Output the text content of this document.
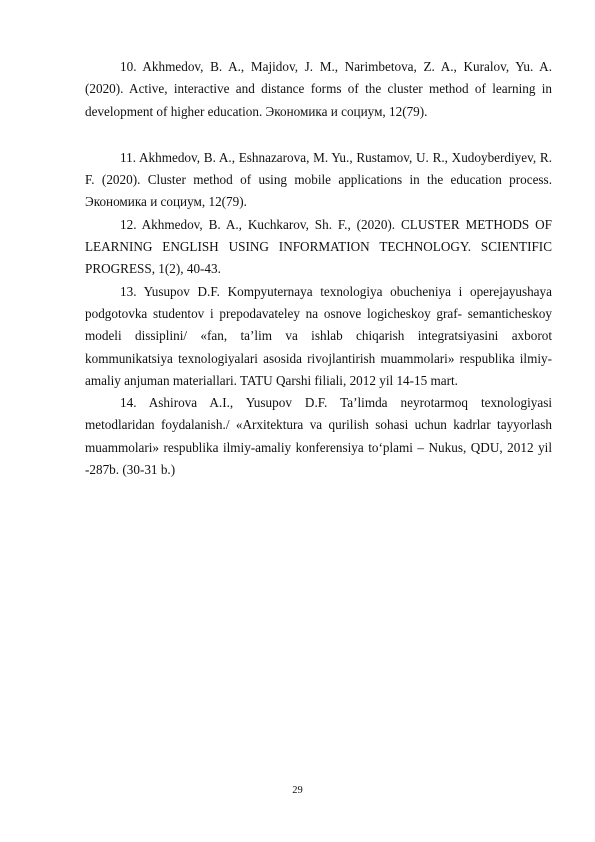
10. Akhmedov, B. A., Majidov, J. M., Narimbetova, Z. A., Kuralov, Yu. A. (2020). Active, interactive and distance forms of the cluster method of learning in development of higher education. Экономика и социум, 12(79).

11. Akhmedov, B. A., Eshnazarova, M. Yu., Rustamov, U. R., Xudoyberdiyev, R. F. (2020). Cluster method of using mobile applications in the education process. Экономика и социум, 12(79).

12. Akhmedov, B. A., Kuchkarov, Sh. F., (2020). CLUSTER METHODS OF LEARNING ENGLISH USING INFORMATION TECHNOLOGY. SCIENTIFIC PROGRESS, 1(2), 40-43.

13. Yusupov D.F. Kompyuternaya texnologiya obucheniya i operejayushaya podgotovka studentov i prepodavateley na osnove logicheskoy graf- semanticheskoy modeli dissiplini/ «fan, ta’lim va ishlab chiqarish integratsiyasini axborot kommunikatsiya texnologiyalari asosida rivojlantirish muammolari» respublika ilmiy-amaliy anjuman materiallari. TATU Qarshi filiali, 2012 yil 14-15 mart.

14. Ashirova A.I., Yusupov D.F. Ta’limda neyrotarmoq texnologiyasi metodlaridan foydalanish./ «Arxitektura va qurilish sohasi uchun kadrlar tayyorlash muammolari» respublika ilmiy-amaliy konferensiya to‘plami – Nukus, QDU, 2012 yil -287b. (30-31 b.)

29
